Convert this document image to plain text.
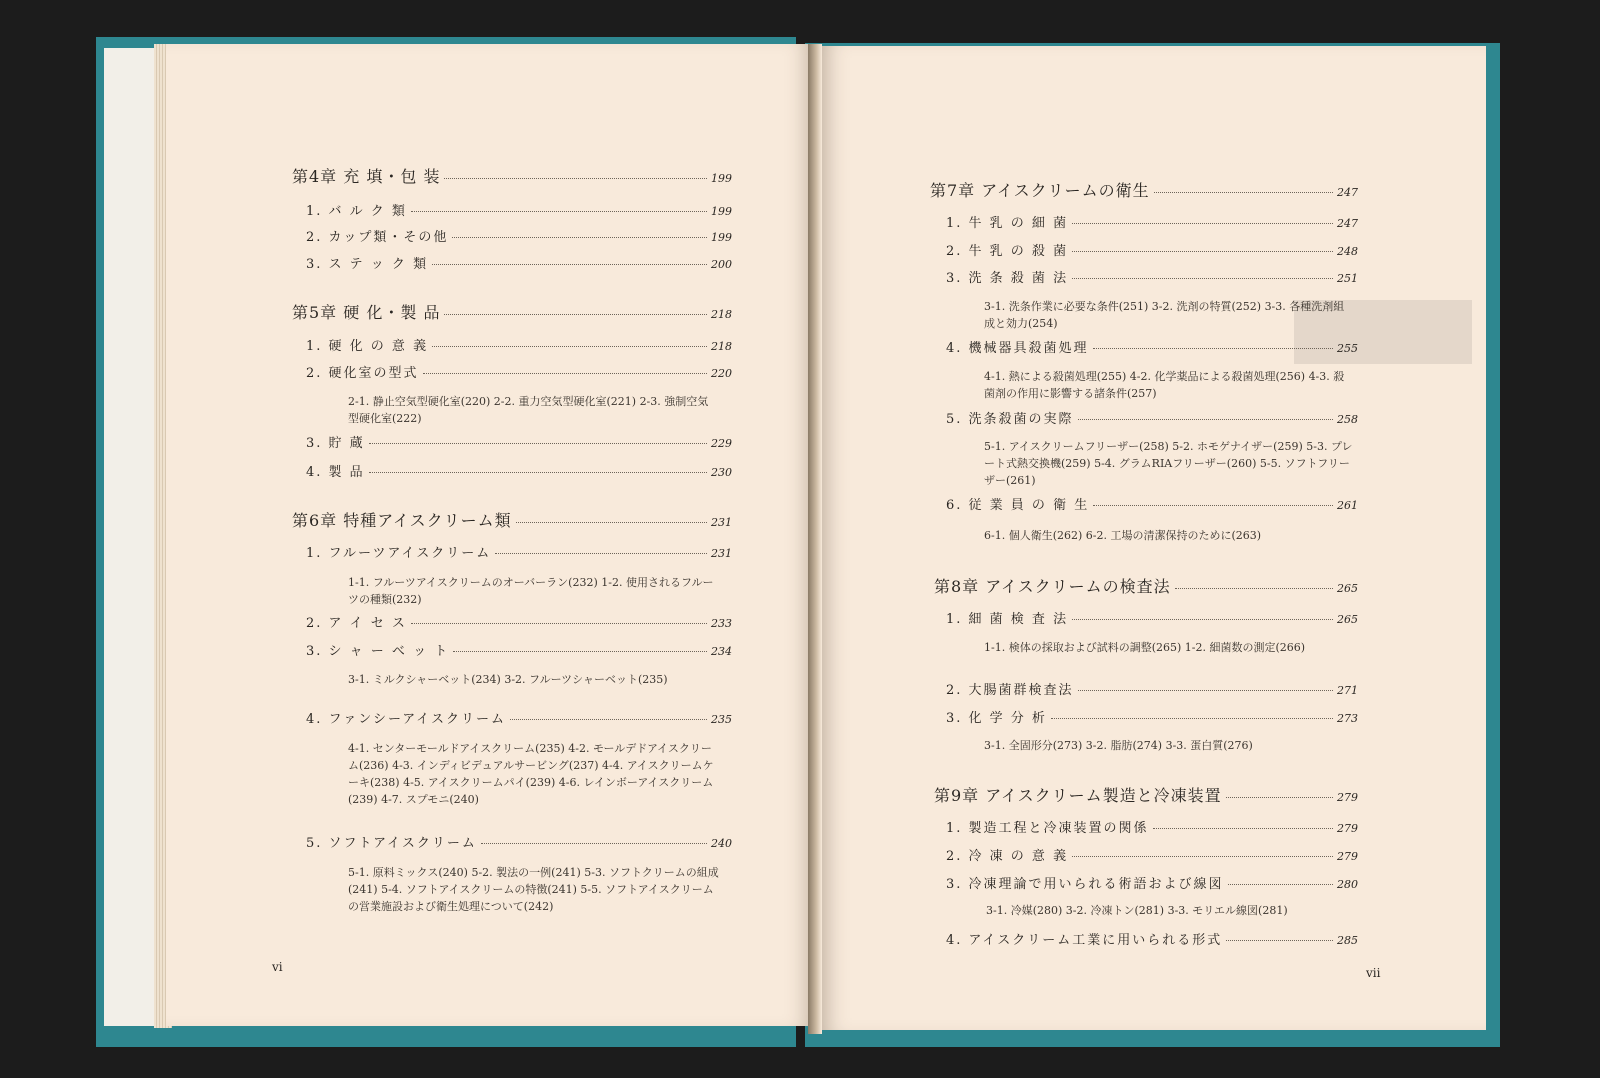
第4章 充 填・包 装	199
1. バ ル ク 類	199
2. カップ類・その他	199
3. ス テ ッ ク 類	200
第5章 硬 化・製 品	218
1. 硬 化 の 意 義	218
2. 硬化室の型式	220
2-1. 静止空気型硬化室(220) 2-2. 重力空気型硬化室(221) 2-3. 強制空気型硬化室(222)
3. 貯 蔵	229
4. 製 品	230
第6章 特種アイスクリーム類	231
1. フルーツアイスクリーム	231
1-1. フルーツアイスクリームのオーバーラン(232) 1-2. 使用されるフルーツの種類(232)
2. ア イ セ ス	233
3. シ ャ ー ベ ッ ト	234
3-1. ミルクシャーベット(234) 3-2. フルーツシャーベット(235)
4. ファンシーアイスクリーム	235
4-1. センターモールドアイスクリーム(235) 4-2. モールデドアイスクリーム(236) 4-3. インディビデュアルサービング(237) 4-4. アイスクリームケーキ(238) 4-5. アイスクリームパイ(239) 4-6. レインボーアイスクリーム(239) 4-7. スプモニ(240)
5. ソフトアイスクリーム	240
5-1. 原料ミックス(240) 5-2. 製法の一例(241) 5-3. ソフトクリームの組成 (241) 5-4. ソフトアイスクリームの特徴(241) 5-5. ソフトアイスクリームの営業施設および衛生処理について(242)
vi
第7章 アイスクリームの衛生	247
1. 牛 乳 の 細 菌	247
2. 牛 乳 の 殺 菌	248
3. 洗 条 殺 菌 法	251
3-1. 洗条作業に必要な条件(251) 3-2. 洗剤の特質(252) 3-3. 各種洗剤組成と効力(254)
4. 機械器具殺菌処理	255
4-1. 熱による殺菌処理(255) 4-2. 化学薬品による殺菌処理(256) 4-3. 殺菌剤の作用に影響する諸条件(257)
5. 洗条殺菌の実際	258
5-1. アイスクリームフリーザー(258) 5-2. ホモゲナイザー(259) 5-3. プレート式熱交換機(259) 5-4. グラムRIAフリーザー(260) 5-5. ソフトフリーザー(261)
6. 従 業 員 の 衛 生	261
6-1. 個人衛生(262) 6-2. 工場の清潔保持のために(263)
第8章 アイスクリームの検査法	265
1. 細 菌 検 査 法	265
1-1. 検体の採取および試料の調整(265) 1-2. 細菌数の測定(266)
2. 大腸菌群検査法	271
3. 化 学 分 析	273
3-1. 全固形分(273) 3-2. 脂肪(274) 3-3. 蛋白質(276)
第9章 アイスクリーム製造と冷凍装置	279
1. 製造工程と冷凍装置の関係	279
2. 冷 凍 の 意 義	279
3. 冷凍理論で用いられる術語および線図	280
3-1. 冷媒(280) 3-2. 冷凍トン(281) 3-3. モリエル線図(281)
4. アイスクリーム工業に用いられる形式	285
vii
